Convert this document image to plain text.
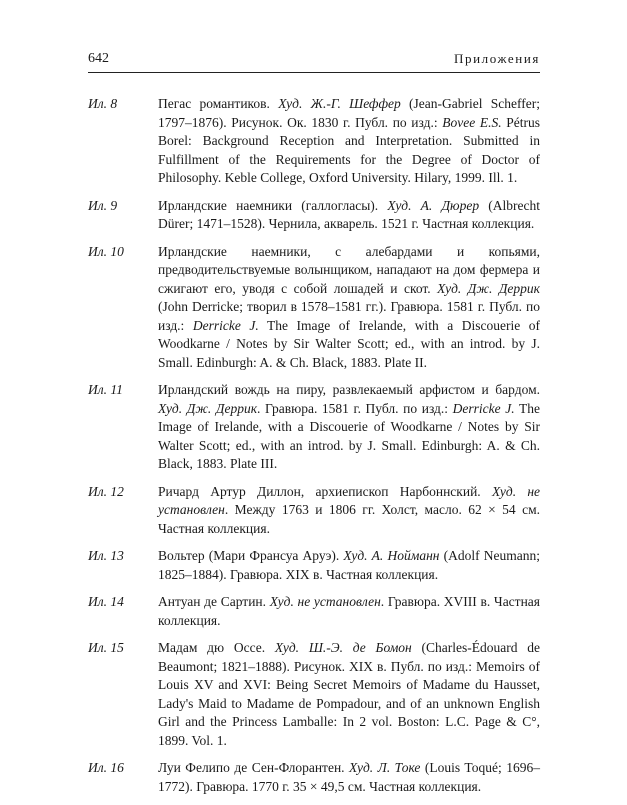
642	Приложения
Ил. 8	Пегас романтиков. Худ. Ж.-Г. Шеффер (Jean-Gabriel Scheffer; 1797–1876). Рисунок. Ок. 1830 г. Публ. по изд.: Bovee E.S. Pétrus Borel: Background Reception and Interpretation. Submitted in Fulfillment of the Requirements for the Degree of Doctor of Philosophy. Keble College, Oxford University. Hilary, 1999. Ill. 1.
Ил. 9	Ирландские наемники (галлогласы). Худ. А. Дюрер (Albrecht Dürer; 1471–1528). Чернила, акварель. 1521 г. Частная коллекция.
Ил. 10	Ирландские наемники, с алебардами и копьями, предводительствуемые волынщиком, нападают на дом фермера и сжигают его, уводя с собой лошадей и скот. Худ. Дж. Деррик (John Derricke; творил в 1578–1581 гг.). Гравюра. 1581 г. Публ. по изд.: Derricke J. The Image of Irelande, with a Discouerie of Woodkarne / Notes by Sir Walter Scott; ed., with an introd. by J. Small. Edinburgh: A. & Ch. Black, 1883. Plate II.
Ил. 11	Ирландский вождь на пиру, развлекаемый арфистом и бардом. Худ. Дж. Деррик. Гравюра. 1581 г. Публ. по изд.: Derricke J. The Image of Irelande, with a Discouerie of Woodkarne / Notes by Sir Walter Scott; ed., with an introd. by J. Small. Edinburgh: A. & Ch. Black, 1883. Plate III.
Ил. 12	Ричард Артур Диллон, архиепископ Нарбоннский. Худ. не установлен. Между 1763 и 1806 гг. Холст, масло. 62 × 54 см. Частная коллекция.
Ил. 13	Вольтер (Мари Франсуа Аруэ). Худ. А. Нойманн (Adolf Neumann; 1825–1884). Гравюра. XIX в. Частная коллекция.
Ил. 14	Антуан де Сартин. Худ. не установлен. Гравюра. XVIII в. Частная коллекция.
Ил. 15	Мадам дю Оссе. Худ. Ш.-Э. де Бомон (Charles-Édouard de Beaumont; 1821–1888). Рисунок. XIX в. Публ. по изд.: Memoirs of Louis XV and XVI: Being Secret Memoirs of Madame du Hausset, Lady's Maid to Madame de Pompadour, and of an unknown English Girl and the Princess Lamballe: In 2 vol. Boston: L.C. Page & C°, 1899. Vol. 1.
Ил. 16	Луи Фелипо де Сен-Флорантен. Худ. Л. Токе (Louis Toqué; 1696–1772). Гравюра. 1770 г. 35 × 49,5 см. Частная коллекция.
